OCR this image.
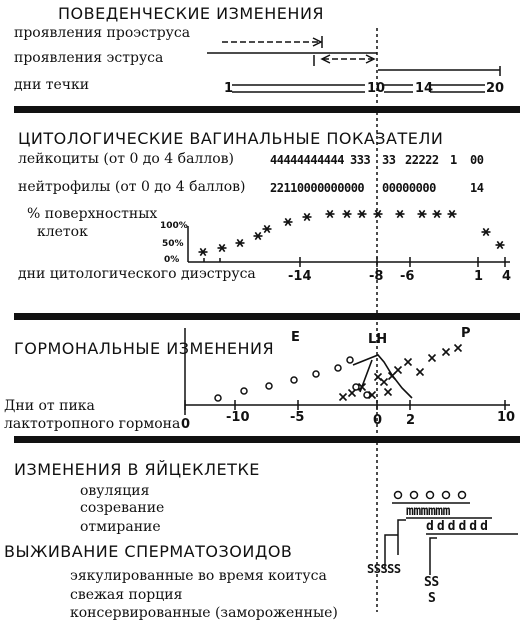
ПОВЕДЕНЧЕСКИЕ ИЗМЕНЕНИЯ
проявления проэструса
проявления эструса
дни течки	1	10 14	20
ЦИТОЛОГИЧЕСКИЕ ВАГИНАЛЬНЫЕ ПОКАЗАТЕЛИ
лейкоциты (от 0 до 4 баллов)	44444444444 333 33 22222 1 00
нейтрофилы (от 0 до 4 баллов) 22110000000000 00000000	14
% поверхностных
клеток	100%
50%
0%
дни цитологического диэструса -14	-8 -6	1 4
ГОРМОНАЛЬНЫЕ ИЗМЕНЕНИЯ
E	LH	P
Дни от пика
лактотропного гормона 0	-10	-5	0 2	10
ИЗМЕНЕНИЯ В ЯЙЦЕКЛЕТКЕ
овуляция
созревание
отмирание
mmmmmm
dddddd
ВЫЖИВАНИЕ СПЕРМАТОЗОИДОВ
эякулированные во время коитуса
свежая порция
консервированные (замороженные)
SSSSS
SS
S
